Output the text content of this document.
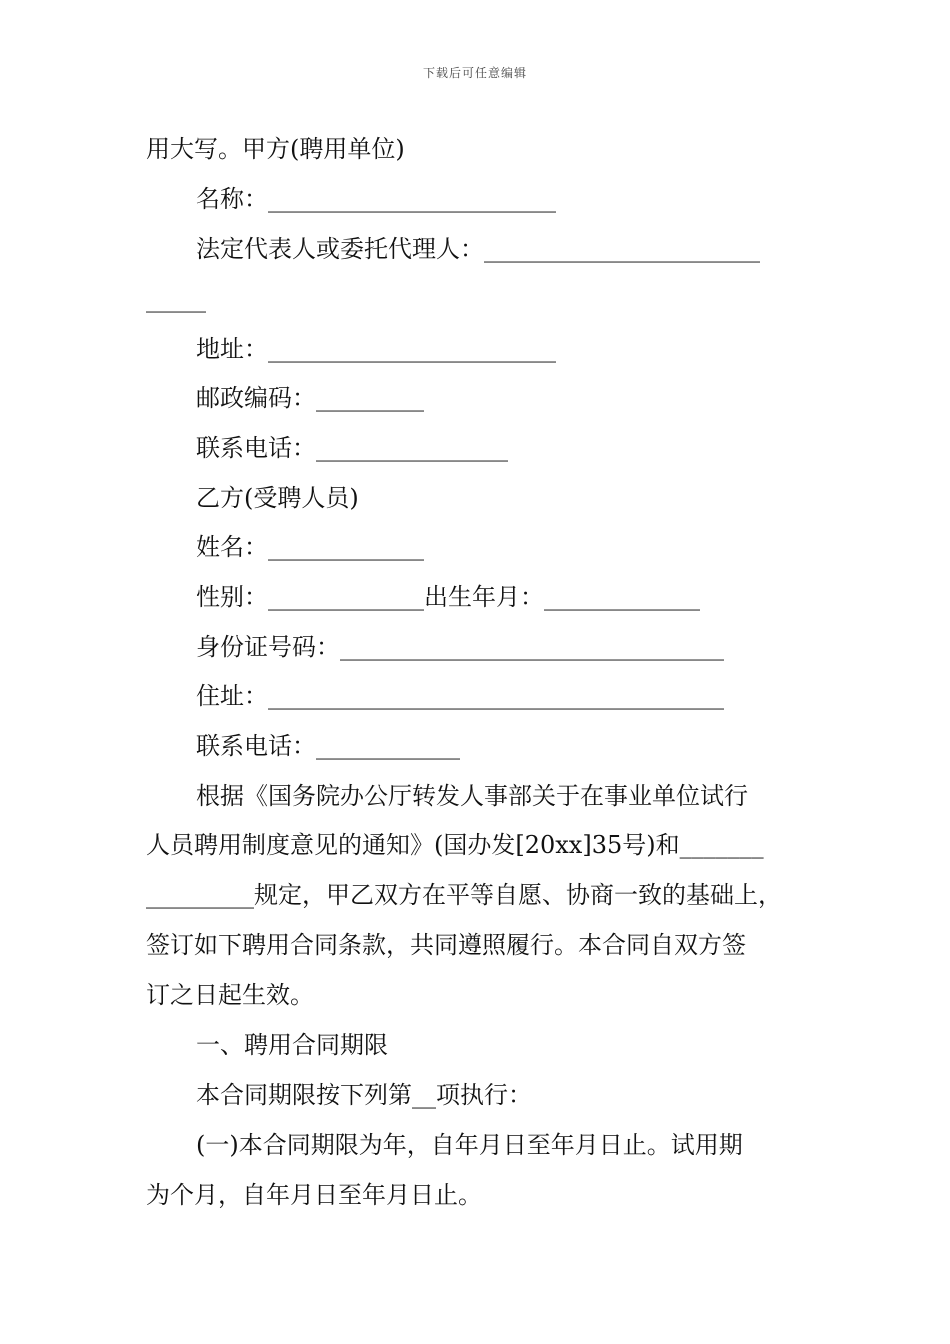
下载后可任意编辑
用大写。甲方(聘用单位)
名称：________________________
法定代表人或委托代理人：_______________________
_____
地址：________________________
邮政编码：_________
联系电话：________________
乙方(受聘人员)
姓名：_____________
性别：_____________出生年月：_____________
身份证号码：________________________________
住址：______________________________________
联系电话：____________
根据《国务院办公厅转发人事部关于在事业单位试行
人员聘用制度意见的通知》(国办发[20xx]35号)和_______
_________规定，甲乙双方在平等自愿、协商一致的基础上，
签订如下聘用合同条款，共同遵照履行。本合同自双方签
订之日起生效。
一、聘用合同期限
本合同期限按下列第__项执行：
(一)本合同期限为年，自年月日至年月日止。试用期
为个月，自年月日至年月日止。
